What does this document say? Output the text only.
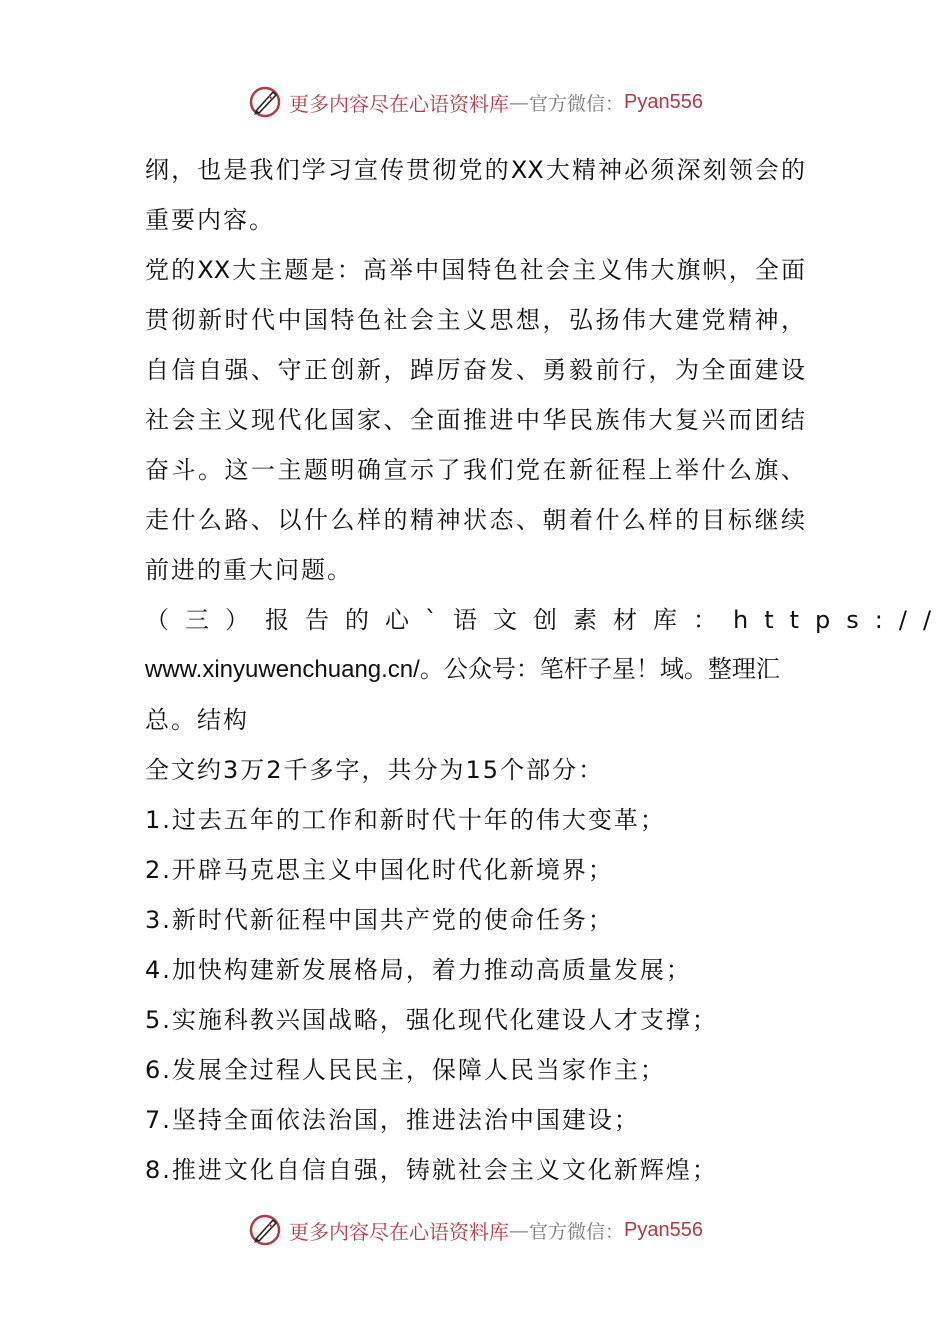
更多内容尽在心语资料库 — 官方微信： Pyan556
纲，也是我们学习宣传贯彻党的XX大精神必须深刻领会的
重要内容。
党的XX大主题是：高举中国特色社会主义伟大旗帜，全面
贯彻新时代中国特色社会主义思想，弘扬伟大建党精神，
自信自强、守正创新，踔厉奋发、勇毅前行，为全面建设
社会主义现代化国家、全面推进中华民族伟大复兴而团结
奋斗。这一主题明确宣示了我们党在新征程上举什么旗、
走什么路、以什么样的精神状态、朝着什么样的目标继续
前进的重大问题。
（三）报告的心`语文创素材库：https://
www.xinyuwenchuang.cn/。公众号：笔杆子星！域。整理汇
总。结构
全文约3万2千多字，共分为15个部分：
1.过去五年的工作和新时代十年的伟大变革；
2.开辟马克思主义中国化时代化新境界；
3.新时代新征程中国共产党的使命任务；
4.加快构建新发展格局，着力推动高质量发展；
5.实施科教兴国战略，强化现代化建设人才支撑；
6.发展全过程人民民主，保障人民当家作主；
7.坚持全面依法治国，推进法治中国建设；
8.推进文化自信自强，铸就社会主义文化新辉煌；
更多内容尽在心语资料库 — 官方微信： Pyan556
